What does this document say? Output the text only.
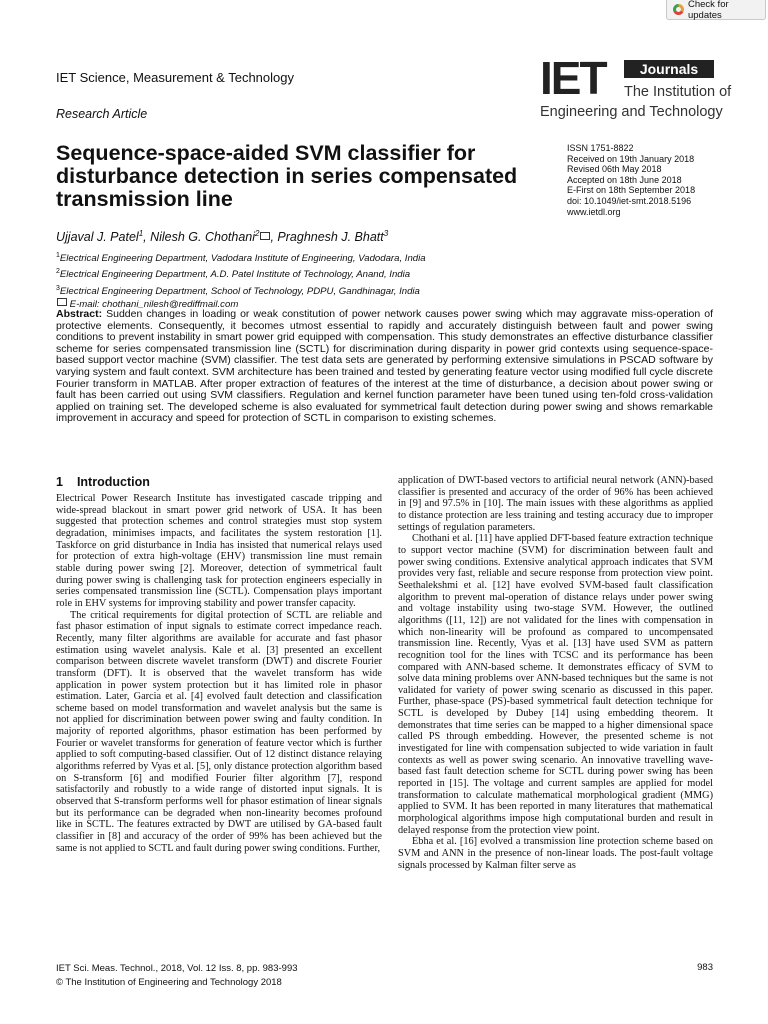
Check for updates
IET Science, Measurement & Technology
Research Article
IET	Journals
The Institution of
Engineering and Technology
Sequence-space-aided SVM classifier for disturbance detection in series compensated transmission line
ISSN 1751-8822
Received on 19th January 2018
Revised 06th May 2018
Accepted on 18th June 2018
E-First on 18th September 2018
doi: 10.1049/iet-smt.2018.5196
www.ietdl.org
Ujjaval J. Patel$^1$, Nilesh G. Chothani$^2$ , Praghnesh J. Bhatt$^3$
$^1$Electrical Engineering Department, Vadodara Institute of Engineering, Vadodara, India
$^2$Electrical Engineering Department, A.D. Patel Institute of Technology, Anand, India
$^3$Electrical Engineering Department, School of Technology, PDPU, Gandhinagar, India
E-mail: chothani_nilesh@rediffmail.com

Abstract: Sudden changes in loading or weak constitution of power network causes power swing which may aggravate miss-operation of protective elements. Consequently, it becomes utmost essential to rapidly and accurately distinguish between fault and power swing conditions to prevent instability in smart power grid equipped with compensation. This study demonstrates an effective disturbance classifier scheme for series compensated transmission line (SCTL) for discrimination during disparity in power grid contexts using sequence-space-based support vector machine (SVM) classifier. The test data sets are generated by performing extensive simulations in PSCAD software by varying system and fault context. SVM architecture has been trained and tested by generating feature vector using modified full cycle discrete Fourier transform in MATLAB. After proper extraction of features of the interest at the time of disturbance, a decision about power swing or fault has been carried out using SVM classifiers. Regulation and kernel function parameter have been tuned using ten-fold cross-validation applied on training set. The developed scheme is also evaluated for symmetrical fault detection during power swing and shows remarkable improvement in accuracy and speed for protection of SCTL in comparison to existing schemes.

1 Introduction

Electrical Power Research Institute has investigated cascade tripping and wide-spread blackout in smart power grid network of USA. It has been suggested that protection schemes and control strategies must stop system degradation, minimises impacts, and facilitates the system restoration [1]. Taskforce on grid disturbance in India has insisted that numerical relays used for protection of extra high-voltage (EHV) transmission line must remain stable during power swing [2]. Moreover, detection of symmetrical fault during power swing is challenging task for protection engineers especially in series compensated transmission line (SCTL). Compensation plays important role in EHV systems for improving stability and power transfer capacity.

The critical requirements for digital protection of SCTL are reliable and fast phasor estimation of input signals to estimate correct impedance reach. Recently, many filter algorithms are available for accurate and fast phasor estimation using wavelet analysis. Kale et al. [3] presented an excellent comparison between discrete wavelet transform (DWT) and discrete Fourier transform (DFT). It is observed that the wavelet transform has wide application in power system protection but it has limited role in phasor estimation. Later, Garcia et al. [4] evolved fault detection and classification scheme based on model transformation and wavelet analysis but the same is not applied for discrimination between power swing and faulty condition. In majority of reported algorithms, phasor estimation has been performed by Fourier or wavelet transforms for generation of feature vector which is further applied to soft computing-based classifier. Out of 12 distinct distance relaying algorithms referred by Vyas et al. [5], only distance protection algorithm based on S-transform [6] and modified Fourier filter algorithm [7], respond satisfactorily and robustly to a wide range of distorted input signals. It is observed that S-transform performs well for phasor estimation of linear signals but its performance can be degraded when non-linearity becomes profound like in SCTL. The features extracted by DWT are utilised by GA-based fault classifier in [8] and accuracy of the order of 99% has been achieved but the same is not applied to SCTL and fault during power swing conditions. Further,

application of DWT-based vectors to artificial neural network (ANN)-based classifier is presented and accuracy of the order of 96% has been achieved in [9] and 97.5% in [10]. The main issues with these algorithms as applied to distance protection are less training and testing accuracy due to improper settings of regulation parameters.

Chothani et al. [11] have applied DFT-based feature extraction technique to support vector machine (SVM) for discrimination between fault and power swing conditions. Extensive analytical approach indicates that SVM provides very fast, reliable and secure response from protection view point. Seethalekshmi et al. [12] have evolved SVM-based fault classification algorithm to prevent mal-operation of distance relays under power swing and voltage instability using two-stage SVM. However, the outlined algorithms ([11, 12]) are not validated for the lines with compensation in which non-linearity will be profound as compared to uncompensated transmission line. Recently, Vyas et al. [13] have used SVM as pattern recognition tool for the lines with TCSC and its performance has been compared with ANN-based scheme. It demonstrates efficacy of SVM to solve data mining problems over ANN-based techniques but the same is not validated for variety of power swing scenario as discussed in this paper. Further, phase-space (PS)-based symmetrical fault detection technique for SCTL is developed by Dubey [14] using embedding theorem. It demonstrates that time series can be mapped to a higher dimensional space called PS through embedding. However, the presented scheme is not investigated for line with compensation subjected to wide variation in fault contexts as well as power swing scenario. An innovative travelling wave-based fast fault detection scheme for SCTL during power swing has been reported in [15]. The voltage and current samples are applied for model transformation to calculate mathematical morphological gradient (MMG) applied to SVM. It has been reported in many literatures that mathematical morphological algorithms impose high computational burden and result in delayed response from the protection view point.

Ebha et al. [16] evolved a transmission line protection scheme based on SVM and ANN in the presence of non-linear loads. The post-fault voltage signals processed by Kalman filter serve as

IET Sci. Meas. Technol., 2018, Vol. 12 Iss. 8, pp. 983-993
© The Institution of Engineering and Technology 2018
983
